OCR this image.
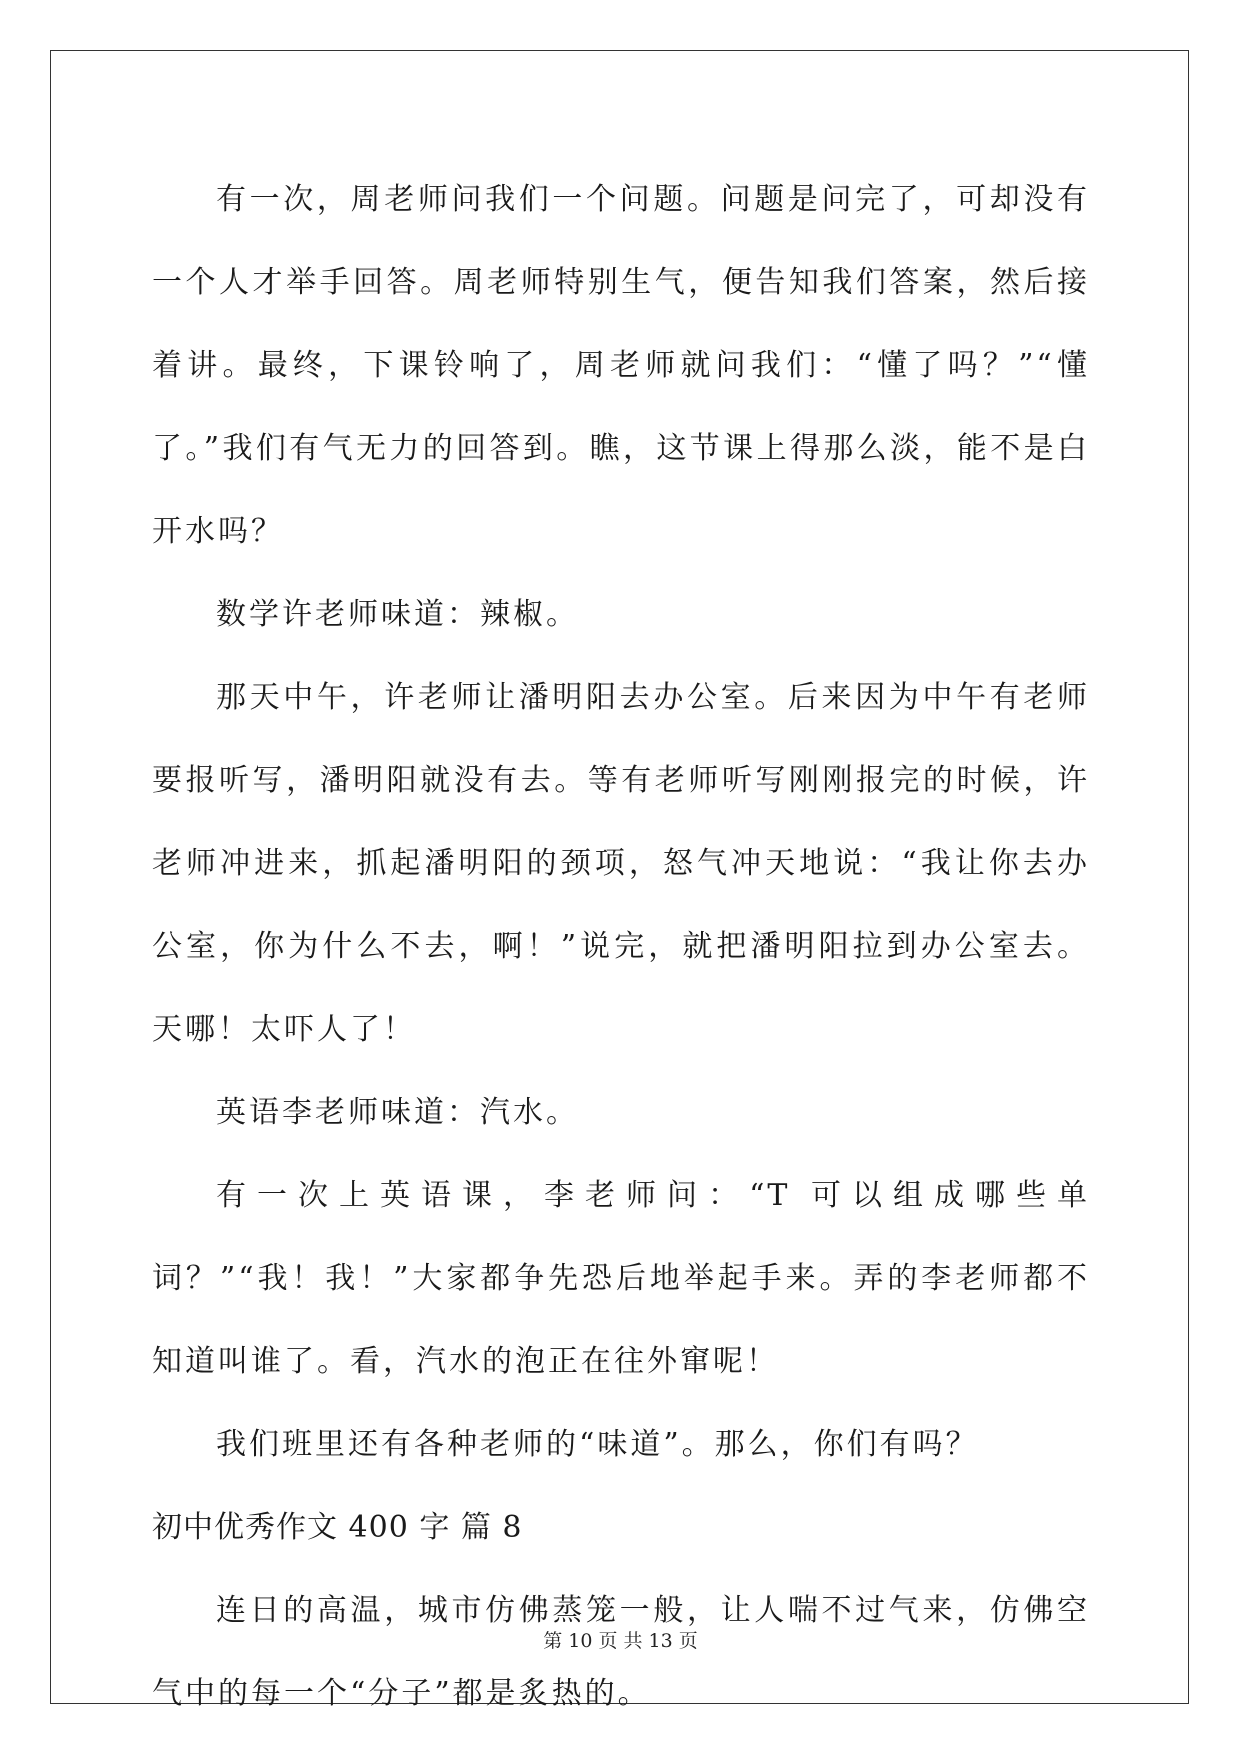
有一次，周老师问我们一个问题。问题是问完了，可却没有一个人才举手回答。周老师特别生气，便告知我们答案，然后接着讲。最终，下课铃响了，周老师就问我们：“懂了吗？”“懂了。”我们有气无力的回答到。瞧，这节课上得那么淡，能不是白开水吗？

数学许老师味道：辣椒。

那天中午，许老师让潘明阳去办公室。后来因为中午有老师要报听写，潘明阳就没有去。等有老师听写刚刚报完的时候，许老师冲进来，抓起潘明阳的颈项，怒气冲天地说：“我让你去办公室，你为什么不去，啊！”说完，就把潘明阳拉到办公室去。天哪！太吓人了！

英语李老师味道：汽水。

有一次上英语课，李老师问：“T 可以组成哪些单词？”“我！我！”大家都争先恐后地举起手来。弄的李老师都不知道叫谁了。看，汽水的泡正在往外窜呢！

我们班里还有各种老师的“味道”。那么，你们有吗？

初中优秀作文 400 字 篇 8

连日的高温，城市仿佛蒸笼一般，让人喘不过气来，仿佛空气中的每一个“分子”都是炙热的。

第 10 页 共 13 页
